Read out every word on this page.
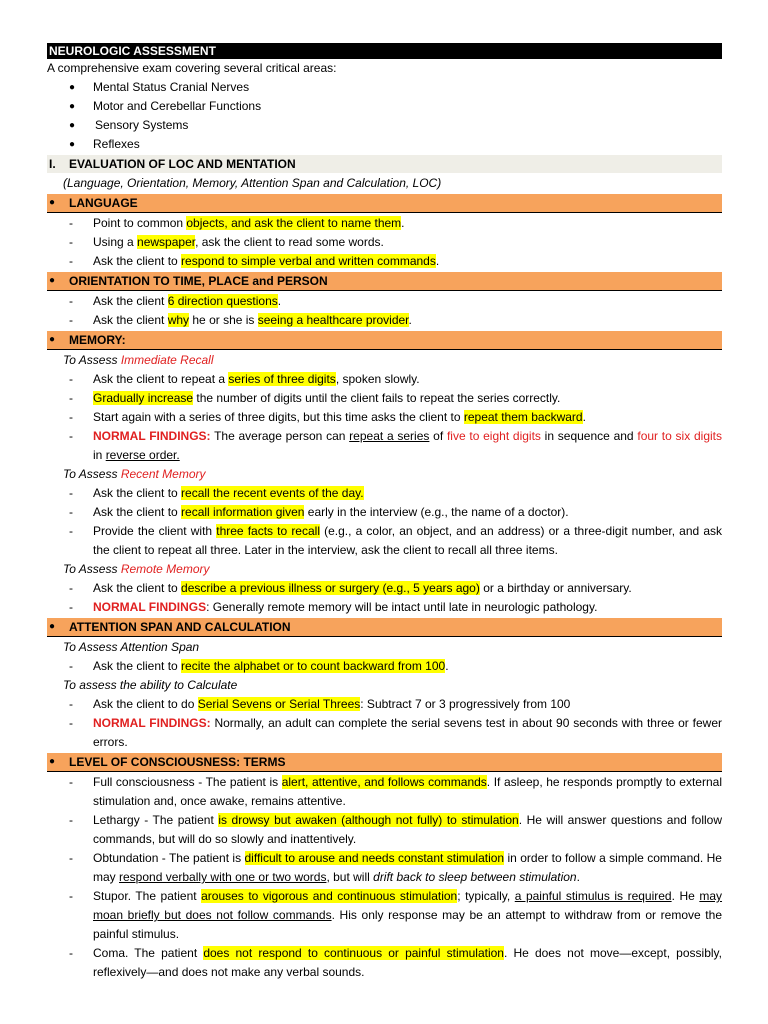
NEUROLOGIC ASSESSMENT
A comprehensive exam covering several critical areas:
● Mental Status Cranial Nerves
● Motor and Cerebellar Functions
● Sensory Systems
● Reflexes
I. EVALUATION OF LOC AND MENTATION
(Language, Orientation, Memory, Attention Span and Calculation, LOC)
● LANGUAGE
- Point to common objects, and ask the client to name them.
- Using a newspaper, ask the client to read some words.
- Ask the client to respond to simple verbal and written commands.
● ORIENTATION TO TIME, PLACE and PERSON
- Ask the client 6 direction questions.
- Ask the client why he or she is seeing a healthcare provider.
● MEMORY:
To Assess Immediate Recall
- Ask the client to repeat a series of three digits, spoken slowly.
- Gradually increase the number of digits until the client fails to repeat the series correctly.
- Start again with a series of three digits, but this time asks the client to repeat them backward.
- NORMAL FINDINGS: The average person can repeat a series of five to eight digits in sequence and four to six digits in reverse order.
To Assess Recent Memory
- Ask the client to recall the recent events of the day.
- Ask the client to recall information given early in the interview (e.g., the name of a doctor).
- Provide the client with three facts to recall (e.g., a color, an object, and an address) or a three-digit number, and ask the client to repeat all three. Later in the interview, ask the client to recall all three items.
To Assess Remote Memory
- Ask the client to describe a previous illness or surgery (e.g., 5 years ago) or a birthday or anniversary.
- NORMAL FINDINGS: Generally remote memory will be intact until late in neurologic pathology.
● ATTENTION SPAN AND CALCULATION
To Assess Attention Span
- Ask the client to recite the alphabet or to count backward from 100.
To assess the ability to Calculate
- Ask the client to do Serial Sevens or Serial Threes: Subtract 7 or 3 progressively from 100
- NORMAL FINDINGS: Normally, an adult can complete the serial sevens test in about 90 seconds with three or fewer errors.
● LEVEL OF CONSCIOUSNESS: TERMS
- Full consciousness - The patient is alert, attentive, and follows commands. If asleep, he responds promptly to external stimulation and, once awake, remains attentive.
- Lethargy - The patient is drowsy but awaken (although not fully) to stimulation. He will answer questions and follow commands, but will do so slowly and inattentively.
- Obtundation - The patient is difficult to arouse and needs constant stimulation in order to follow a simple command. He may respond verbally with one or two words, but will drift back to sleep between stimulation.
- Stupor. The patient arouses to vigorous and continuous stimulation; typically, a painful stimulus is required. He may moan briefly but does not follow commands. His only response may be an attempt to withdraw from or remove the painful stimulus.
- Coma. The patient does not respond to continuous or painful stimulation. He does not move—except, possibly, reflexively—and does not make any verbal sounds.
